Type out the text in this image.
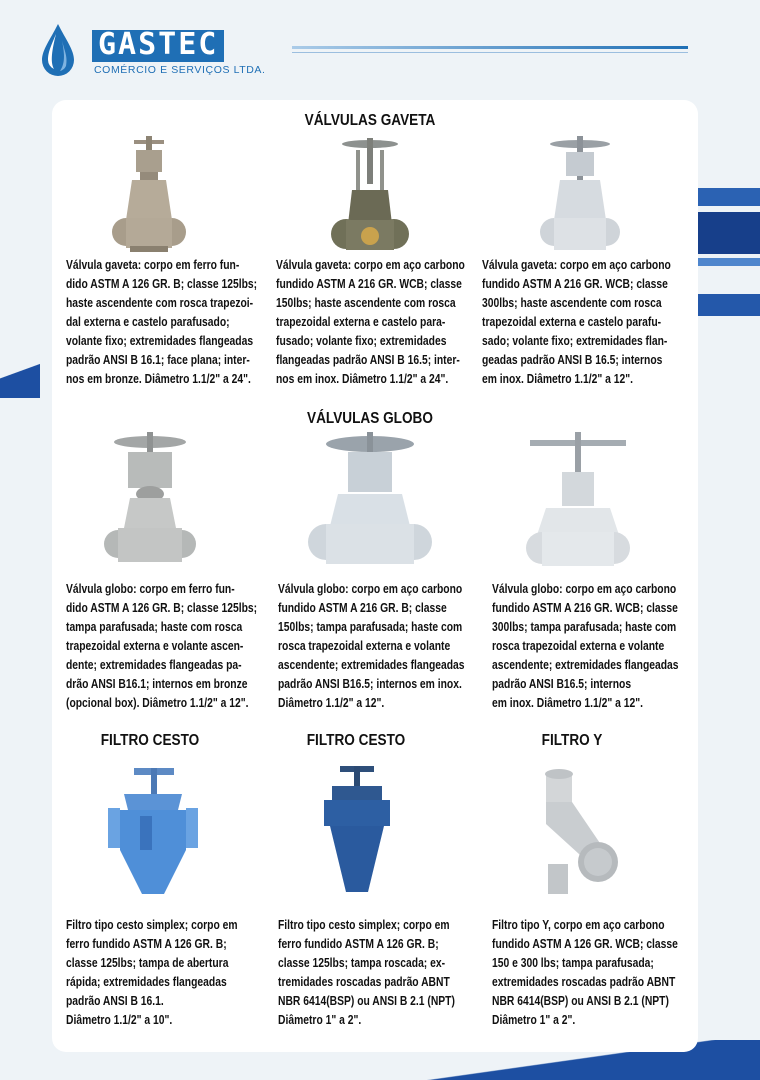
GASTEC
COMÉRCIO E SERVIÇOS LTDA.
VÁLVULAS GAVETA
Válvula gaveta: corpo em ferro fun-
dido ASTM A 126 GR. B; classe 125lbs;
haste ascendente com rosca trapezoi-
dal externa e castelo parafusado;
volante fixo; extremidades flangeadas
padrão ANSI B 16.1; face plana; inter-
nos em bronze. Diâmetro 1.1/2" a 24".
Válvula gaveta: corpo em aço carbono
fundido ASTM A 216 GR. WCB; classe
150lbs; haste ascendente com rosca
trapezoidal externa e castelo para-
fusado; volante fixo; extremidades
flangeadas padrão ANSI B 16.5; inter-
nos em inox. Diâmetro 1.1/2" a 24".
Válvula gaveta: corpo em aço carbono
fundido ASTM A 216 GR. WCB; classe
300lbs; haste ascendente com rosca
trapezoidal externa e castelo parafu-
sado; volante fixo; extremidades flan-
geadas padrão ANSI B 16.5; internos
em inox. Diâmetro 1.1/2" a 12".
VÁLVULAS GLOBO
Válvula globo: corpo em ferro fun-
dido ASTM A 126 GR. B; classe 125lbs;
tampa parafusada; haste com rosca
trapezoidal externa e volante ascen-
dente; extremidades flangeadas pa-
drão ANSI B16.1; internos em bronze
(opcional box). Diâmetro 1.1/2" a 12".
Válvula globo: corpo em aço carbono
fundido ASTM A 216 GR. B; classe
150lbs; tampa parafusada; haste com
rosca trapezoidal externa e volante
ascendente; extremidades flangeadas
padrão ANSI B16.5; internos em inox.
Diâmetro 1.1/2" a 12".
Válvula globo: corpo em aço carbono
fundido ASTM A 216 GR. WCB; classe
300lbs; tampa parafusada; haste com
rosca trapezoidal externa e volante
ascendente; extremidades flangeadas
padrão ANSI B16.5; internos
em inox. Diâmetro 1.1/2" a 12".
FILTRO CESTO	FILTRO CESTO	FILTRO Y
Filtro tipo cesto simplex; corpo em
ferro fundido ASTM A 126 GR. B;
classe 125lbs; tampa de abertura
rápida; extremidades flangeadas
padrão ANSI B 16.1.
Diâmetro 1.1/2" a 10".
Filtro tipo cesto simplex; corpo em
ferro fundido ASTM A 126 GR. B;
classe 125lbs; tampa roscada; ex-
tremidades roscadas padrão ABNT
NBR 6414(BSP) ou ANSI B 2.1 (NPT)
Diâmetro 1" a 2".
Filtro tipo Y, corpo em aço carbono
fundido ASTM A 126 GR. WCB; classe
150 e 300 lbs; tampa parafusada;
extremidades roscadas padrão ABNT
NBR 6414(BSP) ou ANSI B 2.1 (NPT)
Diâmetro 1" a 2".
